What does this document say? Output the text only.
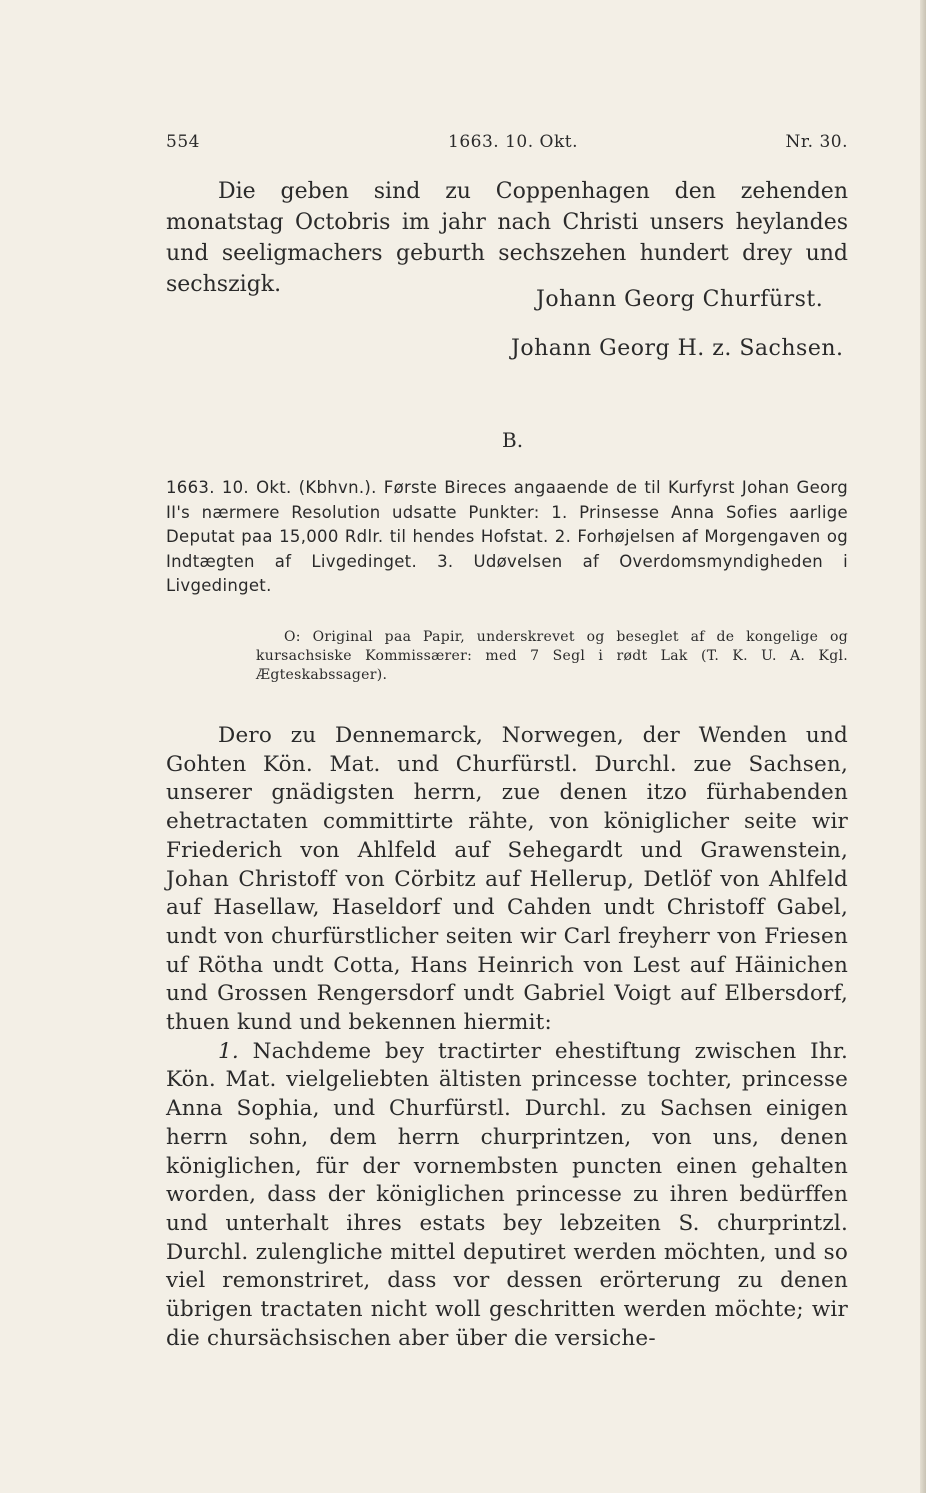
554	1663. 10. Okt.	Nr. 30.
Die geben sind zu Coppenhagen den zehenden monatstag Octobris im jahr nach Christi unsers heylandes und seeligmachers geburth sechszehen hundert drey und sechszigk.
Johann Georg Churfürst.
Johann Georg H. z. Sachsen.
B.
1663. 10. Okt. (Kbhvn.). Første Bireces angaaende de til Kurfyrst Johan Georg II's nærmere Resolution udsatte Punkter: 1. Prinsesse Anna Sofies aarlige Deputat paa 15,000 Rdlr. til hendes Hofstat. 2. Forhøjelsen af Morgengaven og Indtægten af Livgedinget. 3. Udøvelsen af Overdomsmyndigheden i Livgedinget.
O: Original paa Papir, underskrevet og beseglet af de kongelige og kursachsiske Kommissærer: med 7 Segl i rødt Lak (T. K. U. A. Kgl. Ægteskabssager).

Dero zu Dennemarck, Norwegen, der Wenden und Gohten Kön. Mat. und Churfürstl. Durchl. zue Sachsen, unserer gnädigsten herrn, zue denen itzo fürhabenden ehetractaten committirte rähte, von königlicher seite wir Friederich von Ahlfeld auf Sehegardt und Grawenstein, Johan Christoff von Cörbitz auf Hellerup, Detlöf von Ahlfeld auf Hasellaw, Haseldorf und Cahden undt Christoff Gabel, undt von churfürstlicher seiten wir Carl freyherr von Friesen uf Rötha undt Cotta, Hans Heinrich von Lest auf Häinichen und Grossen Rengersdorf undt Gabriel Voigt auf Elbersdorf, thuen kund und bekennen hiermit:

1. Nachdeme bey tractirter ehestiftung zwischen Ihr. Kön. Mat. vielgeliebten ältisten princesse tochter, princesse Anna Sophia, und Churfürstl. Durchl. zu Sachsen einigen herrn sohn, dem herrn churprintzen, von uns, denen königlichen, für der vornembsten puncten einen gehalten worden, dass der königlichen princesse zu ihren bedürffen und unterhalt ihres estats bey lebzeiten S. churprintzl. Durchl. zulengliche mittel deputiret werden möchten, und so viel remonstriret, dass vor dessen erörterung zu denen übrigen tractaten nicht woll geschritten werden möchte; wir die chursächsischen aber über die versiche-
